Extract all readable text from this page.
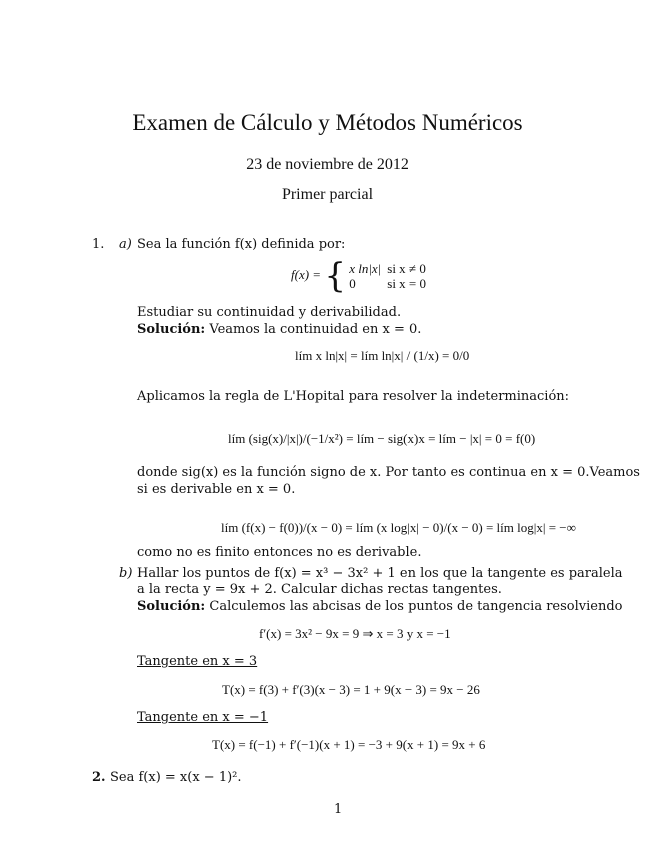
Examen de Cálculo y Métodos Numéricos
23 de noviembre de 2012
Primer parcial
1. a) Sea la función f(x) definida por:
f(x) = { x ln|x|	si x ≠ 0
0	si x = 0
Estudiar su continuidad y derivabilidad.
Solución: Veamos la continuidad en x = 0.
lím x ln|x| = lím ln|x| / (1/x) = 0/0
Aplicamos la regla de L'Hopital para resolver la indeterminación:
lím (sig(x)/|x|)/(−1/x²) = lím − sig(x)x = lím − |x| = 0 = f(0)
donde sig(x) es la función signo de x. Por tanto es continua en x = 0.Veamos
si es derivable en x = 0.
lím (f(x) − f(0))/(x − 0) = lím (x log|x| − 0)/(x − 0) = lím log|x| = −∞
como no es finito entonces no es derivable.
b) Hallar los puntos de f(x) = x³ − 3x² + 1 en los que la tangente es paralela
a la recta y = 9x + 2. Calcular dichas rectas tangentes.
Solución: Calculemos las abcisas de los puntos de tangencia resolviendo
f′(x) = 3x² − 9x = 9 ⇒ x = 3 y x = −1
Tangente en x = 3
T(x) = f(3) + f′(3)(x − 3) = 1 + 9(x − 3) = 9x − 26
Tangente en x = −1
T(x) = f(−1) + f′(−1)(x + 1) = −3 + 9(x + 1) = 9x + 6
2. Sea f(x) = x(x − 1)².
1
